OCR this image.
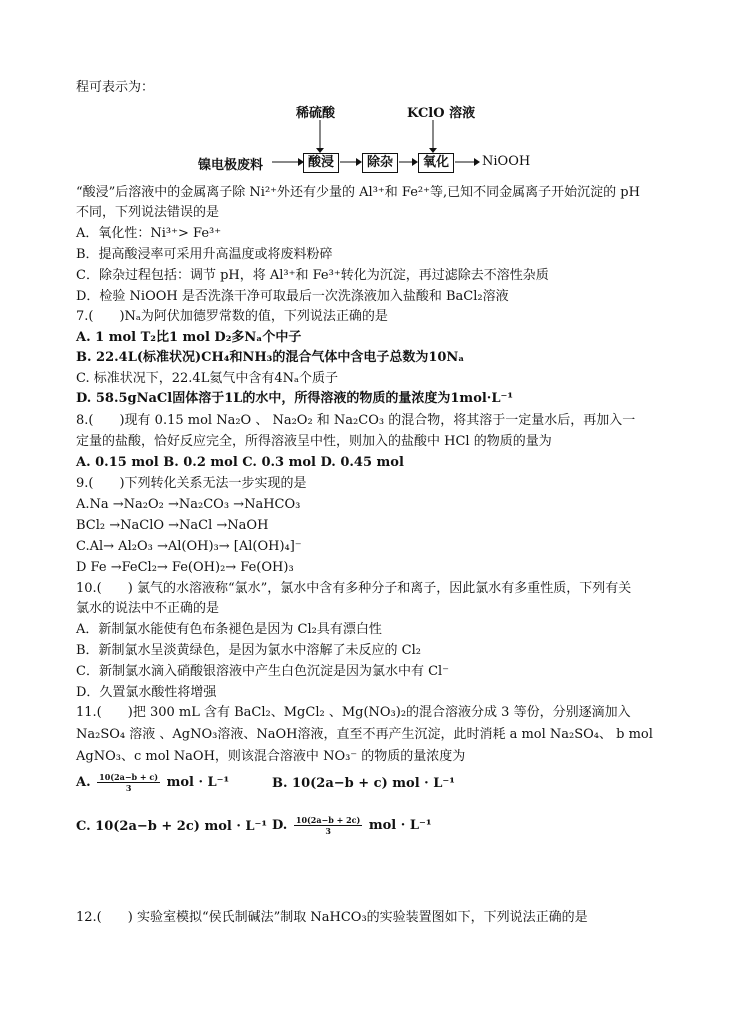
程可表示为：
稀硫酸	KClO 溶液
镍电极废料	酸浸	除杂	氧化	NiOOH
“酸浸”后溶液中的金属离子除 Ni²⁺外还有少量的 Al³⁺和 Fe²⁺等,已知不同金属离子开始沉淀的 pH
不同，下列说法错误的是
A．氧化性：Ni³⁺> Fe³⁺
B．提高酸浸率可采用升高温度或将废料粉碎
C．除杂过程包括：调节 pH，将 Al³⁺和 Fe³⁺转化为沉淀，再过滤除去不溶性杂质
D．检验 NiOOH 是否洗涤干净可取最后一次洗涤液加入盐酸和 BaCl₂溶液
7.(　　)Nₐ为阿伏加德罗常数的值，下列说法正确的是
A. 1 mol T₂比1 mol D₂多Nₐ个中子
B. 22.4L(标准状况)CH₄和NH₃的混合气体中含电子总数为10Nₐ
C. 标准状况下，22.4L氦气中含有4Nₐ个质子
D. 58.5gNaCl固体溶于1L的水中，所得溶液的物质的量浓度为1mol·L⁻¹
8.(　　)现有 0.15 mol Na₂O 、 Na₂O₂ 和 Na₂CO₃ 的混合物，将其溶于一定量水后，再加入一
定量的盐酸，恰好反应完全，所得溶液呈中性，则加入的盐酸中 HCl 的物质的量为
A. 0.15 mol B. 0.2 mol C. 0.3 mol D. 0.45 mol
9.(　　)下列转化关系无法一步实现的是
A.Na →Na₂O₂ →Na₂CO₃ →NaHCO₃
BCl₂ →NaClO →NaCl →NaOH
C.Al→ Al₂O₃ →Al(OH)₃→ [Al(OH)₄]⁻
D Fe →FeCl₂→ Fe(OH)₂→ Fe(OH)₃
10.(　　) 氯气的水溶液称“氯水”，氯水中含有多种分子和离子，因此氯水有多重性质，下列有关
氯水的说法中不正确的是
A．新制氯水能使有色布条褪色是因为 Cl₂具有漂白性
B．新制氯水呈淡黄绿色，是因为氯水中溶解了未反应的 Cl₂
C．新制氯水滴入硝酸银溶液中产生白色沉淀是因为氯水中有 Cl⁻
D．久置氯水酸性将增强
11.(　　)把 300 mL 含有 BaCl₂、MgCl₂ 、Mg(NO₃)₂的混合溶液分成 3 等份，分别逐滴加入
Na₂SO₄ 溶液 、AgNO₃溶液、NaOH溶液，直至不再产生沉淀，此时消耗 a mol Na₂SO₄、 b mol
AgNO₃、c mol NaOH，则该混合溶液中 NO₃⁻ 的物质的量浓度为
A. $\frac{10(2a-b + c)}{3}$ mol · L⁻¹	B. 10(2a−b + c) mol · L⁻¹
C. 10(2a−b + 2c) mol · L⁻¹ D. $\frac{10(2a-b + 2c)}{3}$ mol · L⁻¹
12.(　　) 实验室模拟“侯氏制碱法”制取 NaHCO₃的实验装置图如下，下列说法正确的是
